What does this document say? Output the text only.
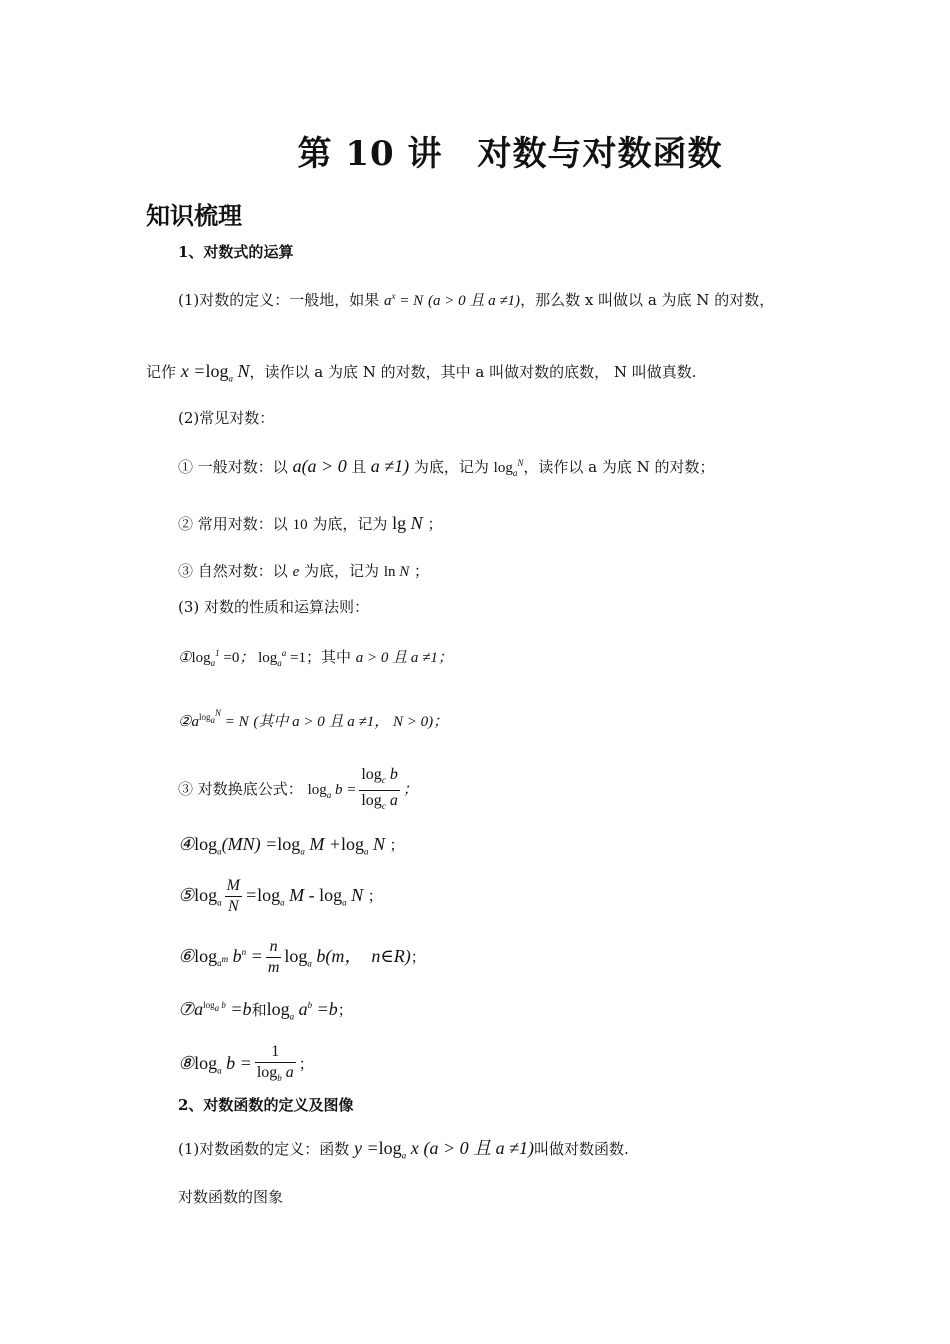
第 10 讲　对数与对数函数
知识梳理
1、对数式的运算
(1)对数的定义：一般地，如果 $a^x = N$ (a > 0 且 a ≠1)，那么数 x 叫做以 a 为底 N 的对数，
记作 $x =\log_a$ N，读作以 a 为底 N 的对数，其中 a 叫做对数的底数， N 叫做真数.
(2)常见对数：
① 一般对数：以 a(a > 0 且 a ≠1) 为底，记为 $\log_a^N$，读作以 a 为底 N 的对数；
② 常用对数：以 10 为底，记为 lg N ；
③ 自然对数：以 e 为底，记为 ln N ；
(3) 对数的性质和运算法则：
$①\log_a^1 =0$； $\log_a^a =1$；其中 a > 0 且 a ≠1；
$②a^{log_a^N} = N$ (其中 a > 0 且 a ≠1， N > 0)；
③ 对数换底公式： $\log_a b = \frac{\log_c b}{\log_c a}$ ；
$④\log_a(MN) =\log_a$ $M +\log_a$ N ；
$⑤\log_a \frac{M}{N} =\log_a$ M - $\log_a N$ ；
$⑥\log_{a^m}$ $b^n = \frac{n}{m} \log_a b(m$，　n∈R)；
$⑦a^{log_a b} =b$和$\log_a a^b =b$；
$⑧\log_a$ $b = \frac{1}{\log_b a}$ ；
2、对数函数的定义及图像
(1)对数函数的定义：函数 $y =\log_a$ x (a > 0 且 a ≠1)叫做对数函数.
对数函数的图象
